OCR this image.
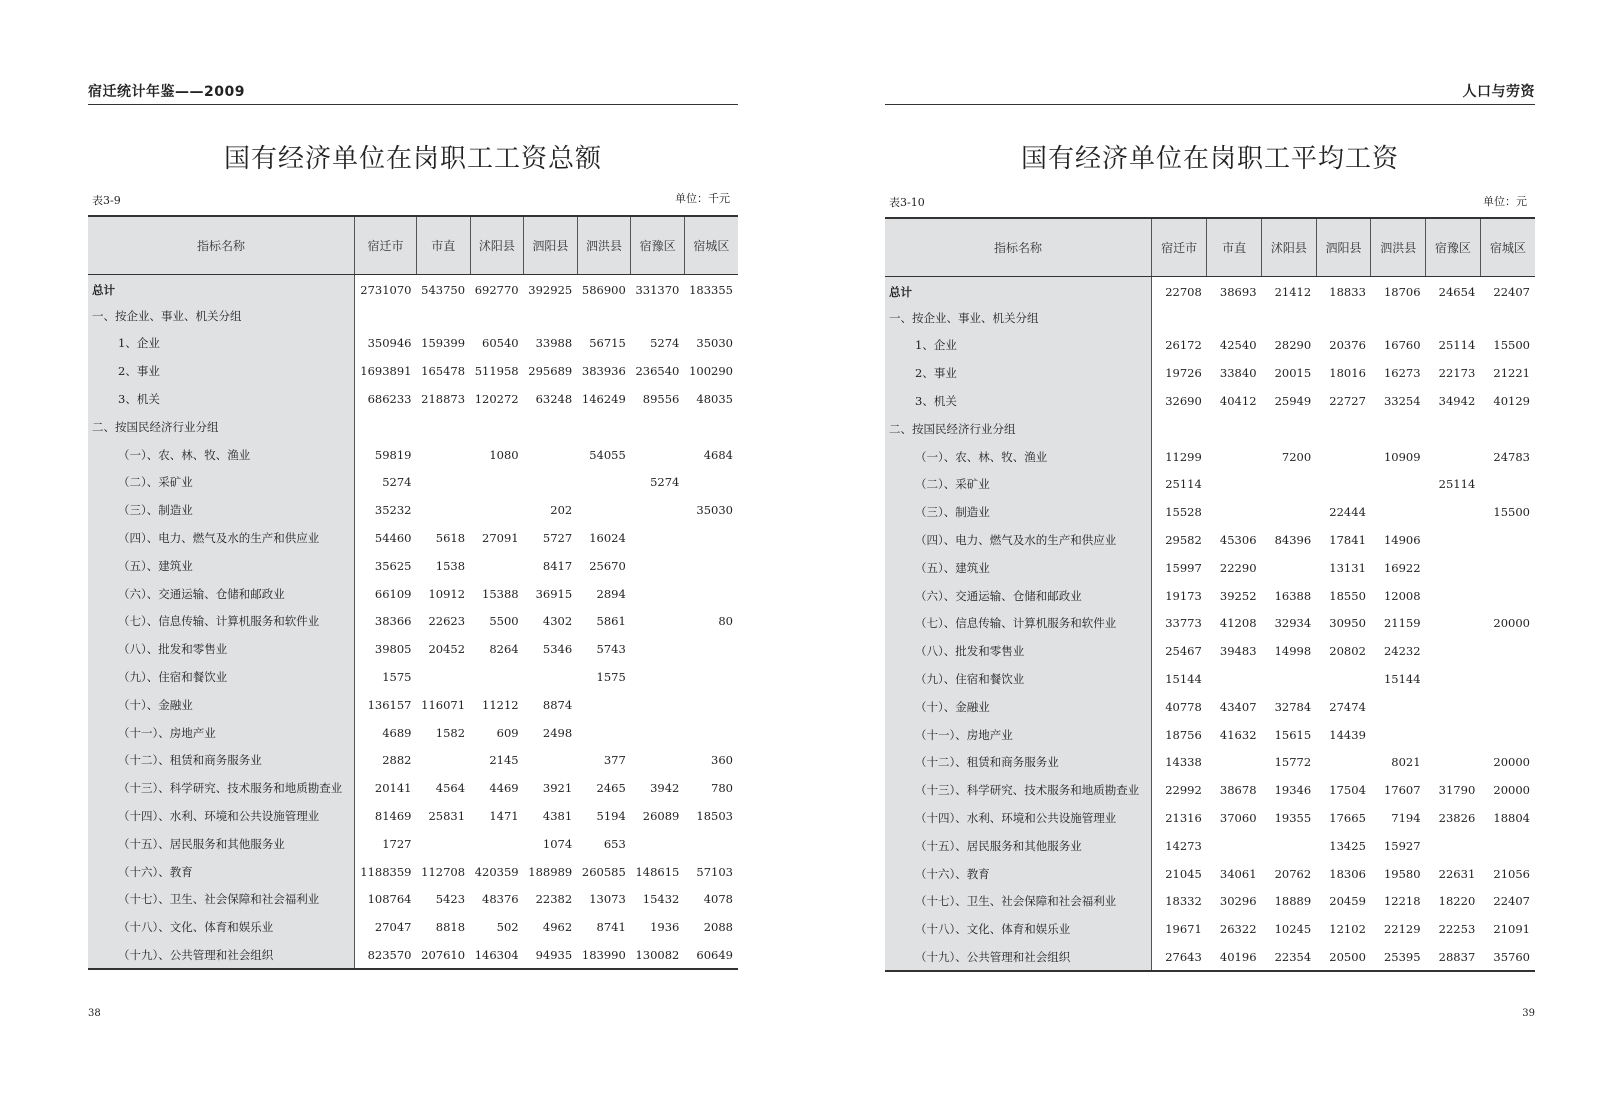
宿迁统计年鉴——2009
国有经济单位在岗职工工资总额
表3-9	单位：千元
指标名称	宿迁市	市直	沭阳县	泗阳县	泗洪县	宿豫区	宿城区
总计	2731070	543750	692770	392925	586900	331370	183355
一、按企业、事业、机关分组							
1、企业	350946	159399	60540	33988	56715	5274	35030
2、事业	1693891	165478	511958	295689	383936	236540	100290
3、机关	686233	218873	120272	63248	146249	89556	48035
二、按国民经济行业分组							
（一）、农、林、牧、渔业	59819		1080		54055		4684
（二）、采矿业	5274					5274	
（三）、制造业	35232			202			35030
（四）、电力、燃气及水的生产和供应业	54460	5618	27091	5727	16024		
（五）、建筑业	35625	1538		8417	25670		
（六）、交通运输、仓储和邮政业	66109	10912	15388	36915	2894		
（七）、信息传输、计算机服务和软件业	38366	22623	5500	4302	5861		80
（八）、批发和零售业	39805	20452	8264	5346	5743		
（九）、住宿和餐饮业	1575				1575		
（十）、金融业	136157	116071	11212	8874			
（十一）、房地产业	4689	1582	609	2498			
（十二）、租赁和商务服务业	2882		2145		377		360
（十三）、科学研究、技术服务和地质勘查业	20141	4564	4469	3921	2465	3942	780
（十四）、水利、环境和公共设施管理业	81469	25831	1471	4381	5194	26089	18503
（十五）、居民服务和其他服务业	1727			1074	653		
（十六）、教育	1188359	112708	420359	188989	260585	148615	57103
（十七）、卫生、社会保障和社会福利业	108764	5423	48376	22382	13073	15432	4078
（十八）、文化、体育和娱乐业	27047	8818	502	4962	8741	1936	2088
（十九）、公共管理和社会组织	823570	207610	146304	94935	183990	130082	60649
38
人口与劳资
国有经济单位在岗职工平均工资
表3-10	单位：元
指标名称	宿迁市	市直	沭阳县	泗阳县	泗洪县	宿豫区	宿城区
总计	22708	38693	21412	18833	18706	24654	22407
一、按企业、事业、机关分组							
1、企业	26172	42540	28290	20376	16760	25114	15500
2、事业	19726	33840	20015	18016	16273	22173	21221
3、机关	32690	40412	25949	22727	33254	34942	40129
二、按国民经济行业分组							
（一）、农、林、牧、渔业	11299		7200		10909		24783
（二）、采矿业	25114					25114	
（三）、制造业	15528			22444			15500
（四）、电力、燃气及水的生产和供应业	29582	45306	84396	17841	14906		
（五）、建筑业	15997	22290		13131	16922		
（六）、交通运输、仓储和邮政业	19173	39252	16388	18550	12008		
（七）、信息传输、计算机服务和软件业	33773	41208	32934	30950	21159		20000
（八）、批发和零售业	25467	39483	14998	20802	24232		
（九）、住宿和餐饮业	15144				15144		
（十）、金融业	40778	43407	32784	27474			
（十一）、房地产业	18756	41632	15615	14439			
（十二）、租赁和商务服务业	14338		15772		8021		20000
（十三）、科学研究、技术服务和地质勘查业	22992	38678	19346	17504	17607	31790	20000
（十四）、水利、环境和公共设施管理业	21316	37060	19355	17665	7194	23826	18804
（十五）、居民服务和其他服务业	14273			13425	15927		
（十六）、教育	21045	34061	20762	18306	19580	22631	21056
（十七）、卫生、社会保障和社会福利业	18332	30296	18889	20459	12218	18220	22407
（十八）、文化、体育和娱乐业	19671	26322	10245	12102	22129	22253	21091
（十九）、公共管理和社会组织	27643	40196	22354	20500	25395	28837	35760
39
